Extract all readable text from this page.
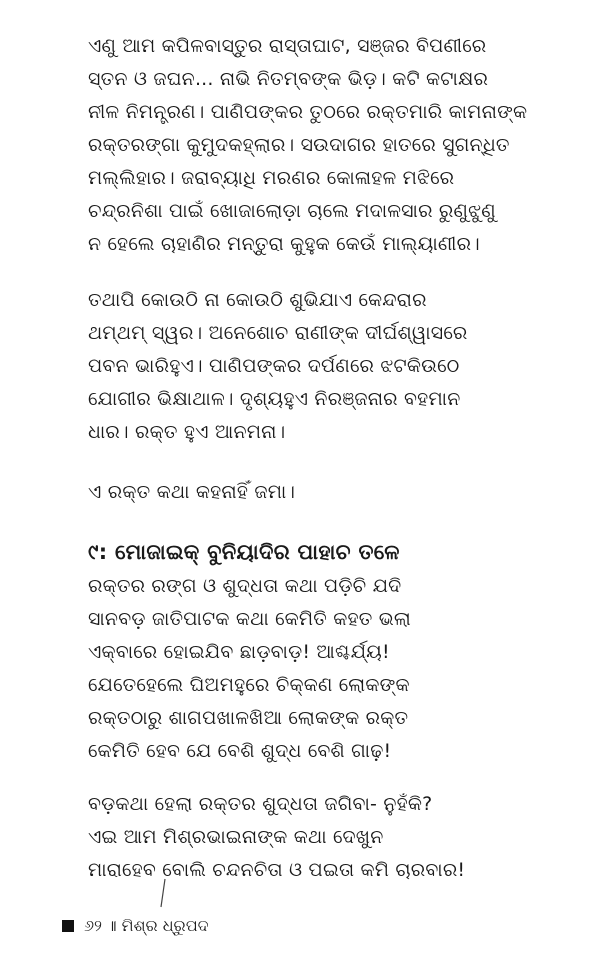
ଏଣୁ ଆମ କପିଳବାସ୍ତୁର ରାସ୍ତାଘାଟ, ସଞ୍ଜର ବିପଣୀରେ
ସ୍ତନ ଓ ଜଘନ... ନାଭି ନିତମ୍ବଙ୍କ ଭିଡ଼। କଟି କଟାକ୍ଷର
ନୀଳ ନିମନ୍ତ୍ରଣ। ପାଣିପଙ୍କର ତୁଠରେ ରକ୍ତମାରି କାମନାଙ୍କ
ରକ୍ତରଙ୍ଗା କୁମୁଦକହ୍ଲାର। ସଉଦାଗର ହାତରେ ସୁଗନ୍ଧିତ
ମଲ୍ଲିହାର। ଜରାବ୍ୟାଧି ମରଣର କୋଳାହଳ ମଝିରେ
ଚନ୍ଦ୍ରନିଶା ପାଇଁ ଖୋଜାଲୋଡ଼ା ଚାଲେ ମଦାଳସାର ରୁଣୁଝୁଣୁ
ନ ହେଲେ ଚାହାଣିର ମନ୍ତୁରା କୁହୁକ କେଉଁ ମାଲ୍ୟାଣୀର।
ତଥାପି କୋଉଠି ନା କୋଉଠି ଶୁଭିଯାଏ କେନ୍ଦରାର
ଥମ୍‌ଥମ୍ ସ୍ୱର। ଅନେଶୋଚ ରାଣୀଙ୍କ ଦୀର୍ଘଶ୍ୱାସରେ
ପବନ ଭାରିହୁଏ। ପାଣିପଙ୍କର ଦର୍ପଣରେ ଝଟକିଉଠେ
ଯୋଗୀର ଭିକ୍ଷାଥାଳ। ଦୃଶ୍ୟହୁଏ ନିରଞ୍ଜନାର ବହମାନ
ଧାର। ରକ୍ତ ହୁଏ ଆନମନା।
ଏ ରକ୍ତ କଥା କହନାହିଁ ଜମା।
୯: ମୋଜାଇକ୍ ବୁନିୟାଦିର ପାହାଚ ତଳେ
ରକ୍ତର ରଙ୍ଗ ଓ ଶୁଦ୍ଧତା କଥା ପଡ଼ିଚି ଯଦି
ସାନବଡ଼ ଜାତିପାଟକ କଥା କେମିତି କହତ ଭଲା
ଏକ୍‌ବାରେ ହୋଇଯିବ ଛାଡ଼ବାଡ଼! ଆଶ୍ଚର୍ଯ୍ୟ!
ଯେତେହେଲେ ଘିଅମହୁରେ ଚିକ୍‌କଣ ଲୋକଙ୍କ
ରକ୍ତଠାରୁ ଶାଗପଖାଳଖିଆ ଲୋକଙ୍କ ରକ୍ତ
କେମିତି ହେବ ଯେ ବେଶି ଶୁଦ୍ଧ ବେଶି ଗାଢ଼!
ବଡ଼କଥା ହେଲା ରକ୍ତର ଶୁଦ୍ଧତା ଜଗିବା- ନୁହଁକି?
ଏଇ ଆମ ମିଶ୍ରଭାଇନାଙ୍କ କଥା ଦେଖୁନ
ମାରାହେବ ବୋଲି ଚନ୍ଦନଚିତା ଓ ପଇତା କମି ଚାରବାର!
୬୨ ॥ ମିଶ୍ର ଧ୍ରୁପଦ
